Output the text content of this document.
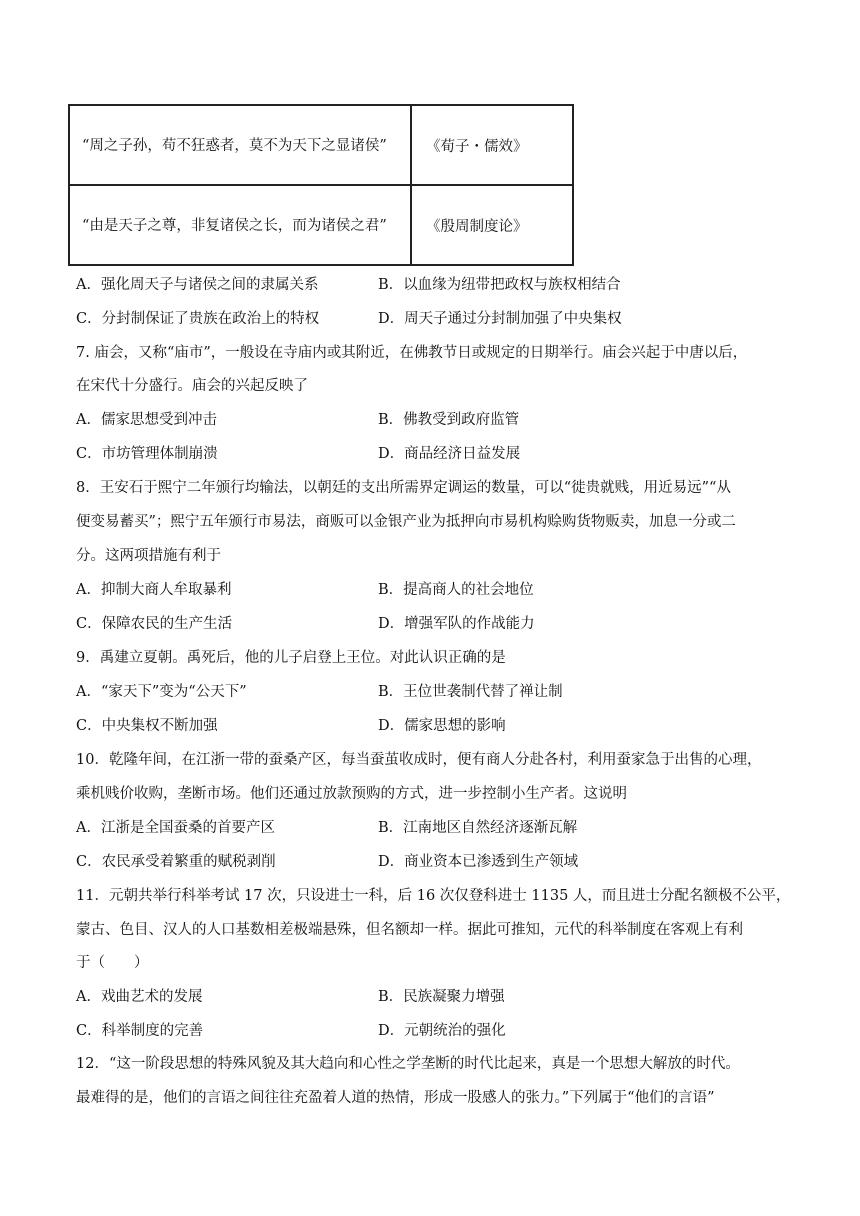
“周之子孙，苟不狂惑者，莫不为天下之显诸侯”	《荀子・儒效》
“由是天子之尊，非复诸侯之长，而为诸侯之君”	《殷周制度论》
A．强化周天子与诸侯之间的隶属关系	B．以血缘为纽带把政权与族权相结合
C．分封制保证了贵族在政治上的特权	D．周天子通过分封制加强了中央集权
7. 庙会，又称“庙市”，一般设在寺庙内或其附近，在佛教节日或规定的日期举行。庙会兴起于中唐以后，
在宋代十分盛行。庙会的兴起反映了
A．儒家思想受到冲击	B．佛教受到政府监管
C．市坊管理体制崩溃	D．商品经济日益发展
8．王安石于熙宁二年颁行均输法，以朝廷的支出所需界定调运的数量，可以“徙贵就贱，用近易远”“从
便变易蓄买”；熙宁五年颁行市易法，商贩可以金银产业为抵押向市易机构赊购货物贩卖，加息一分或二
分。这两项措施有利于
A．抑制大商人牟取暴利	B．提高商人的社会地位
C．保障农民的生产生活	D．增强军队的作战能力
9．禹建立夏朝。禹死后，他的儿子启登上王位。对此认识正确的是
A．“家天下”变为“公天下”	B．王位世袭制代替了禅让制
C．中央集权不断加强	D．儒家思想的影响
10．乾隆年间，在江浙一带的蚕桑产区，每当蚕茧收成时，便有商人分赴各村，利用蚕家急于出售的心理，
乘机贱价收购，垄断市场。他们还通过放款预购的方式，进一步控制小生产者。这说明
A．江浙是全国蚕桑的首要产区	B．江南地区自然经济逐渐瓦解
C．农民承受着繁重的赋税剥削	D．商业资本已渗透到生产领域
11．元朝共举行科举考试 17 次，只设进士一科，后 16 次仅登科进士 1135 人，而且进士分配名额极不公平，
蒙古、色目、汉人的人口基数相差极端悬殊，但名额却一样。据此可推知，元代的科举制度在客观上有利
于（　　）
A．戏曲艺术的发展	B．民族凝聚力增强
C．科举制度的完善	D．元朝统治的强化
12．“这一阶段思想的特殊风貌及其大趋向和心性之学垄断的时代比起来，真是一个思想大解放的时代。
最难得的是，他们的言语之间往往充盈着人道的热情，形成一股感人的张力。”下列属于“他们的言语”
